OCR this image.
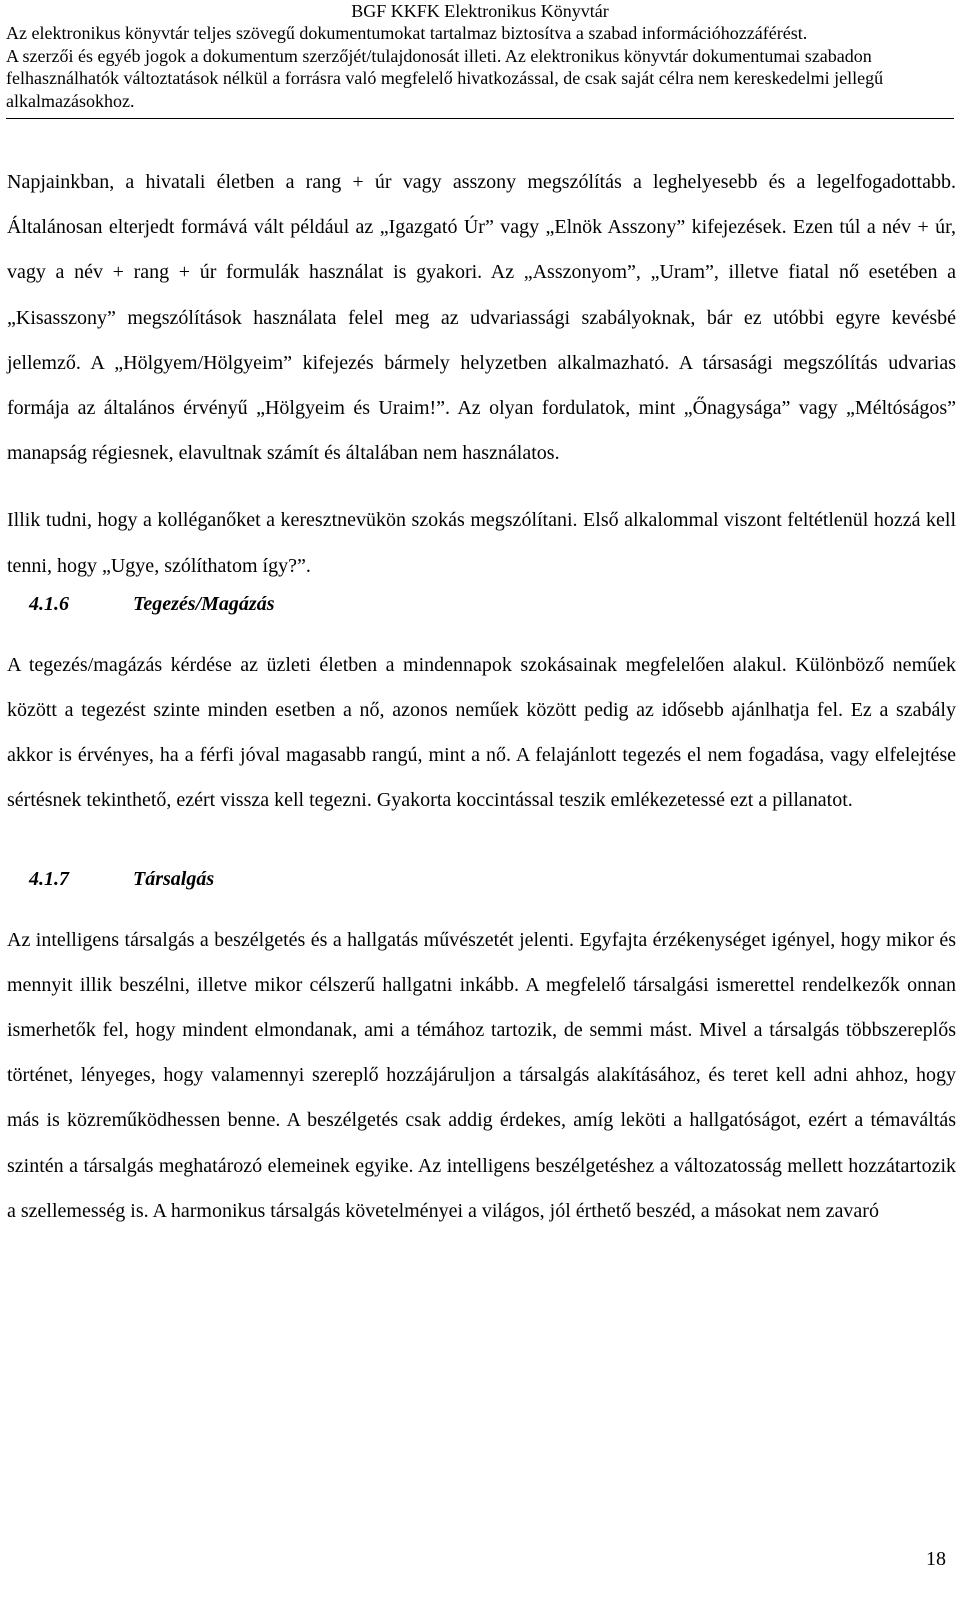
BGF KKFK Elektronikus Könyvtár

Az elektronikus könyvtár teljes szövegű dokumentumokat tartalmaz biztosítva a szabad információhozzáférést.

A szerzői és egyéb jogok a dokumentum szerzőjét/tulajdonosát illeti. Az elektronikus könyvtár dokumentumai szabadon felhasználhatók változtatások nélkül a forrásra való megfelelő hivatkozással, de csak saját célra nem kereskedelmi jellegű alkalmazásokhoz.

Napjainkban, a hivatali életben a rang + úr vagy asszony megszólítás a leghelyesebb és a legelfogadottabb. Általánosan elterjedt formává vált például az „Igazgató Úr” vagy „Elnök Asszony” kifejezések. Ezen túl a név + úr, vagy a név + rang + úr formulák használat is gyakori. Az „Asszonyom”, „Uram”, illetve fiatal nő esetében a „Kisasszony” megszólítások használata felel meg az udvariassági szabályoknak, bár ez utóbbi egyre kevésbé jellemző. A „Hölgyem/Hölgyeim” kifejezés bármely helyzetben alkalmazható. A társasági megszólítás udvarias formája az általános érvényű „Hölgyeim és Uraim!”. Az olyan fordulatok, mint „Őnagysága” vagy „Méltóságos” manapság régiesnek, elavultnak számít és általában nem használatos.

Illik tudni, hogy a kolléganőket a keresztnevükön szokás megszólítani. Első alkalommal viszont feltétlenül hozzá kell tenni, hogy „Ugye, szólíthatom így?”.

4.1.6	Tegezés/Magázás

A tegezés/magázás kérdése az üzleti életben a mindennapok szokásainak megfelelően alakul. Különböző neműek között a tegezést szinte minden esetben a nő, azonos neműek között pedig az idősebb ajánlhatja fel. Ez a szabály akkor is érvényes, ha a férfi jóval magasabb rangú, mint a nő. A felajánlott tegezés el nem fogadása, vagy elfelejtése sértésnek tekinthető, ezért vissza kell tegezni. Gyakorta koccintással teszik emlékezetessé ezt a pillanatot.

4.1.7	Társalgás

Az intelligens társalgás a beszélgetés és a hallgatás művészetét jelenti. Egyfajta érzékenységet igényel, hogy mikor és mennyit illik beszélni, illetve mikor célszerű hallgatni inkább. A megfelelő társalgási ismerettel rendelkezők onnan ismerhetők fel, hogy mindent elmondanak, ami a témához tartozik, de semmi mást. Mivel a társalgás többszereplős történet, lényeges, hogy valamennyi szereplő hozzájáruljon a társalgás alakításához, és teret kell adni ahhoz, hogy más is közreműködhessen benne. A beszélgetés csak addig érdekes, amíg leköti a hallgatóságot, ezért a témaváltás szintén a társalgás meghatározó elemeinek egyike. Az intelligens beszélgetéshez a változatosság mellett hozzátartozik a szellemesség is. A harmonikus társalgás követelményei a világos, jól érthető beszéd, a másokat nem zavaró

18
